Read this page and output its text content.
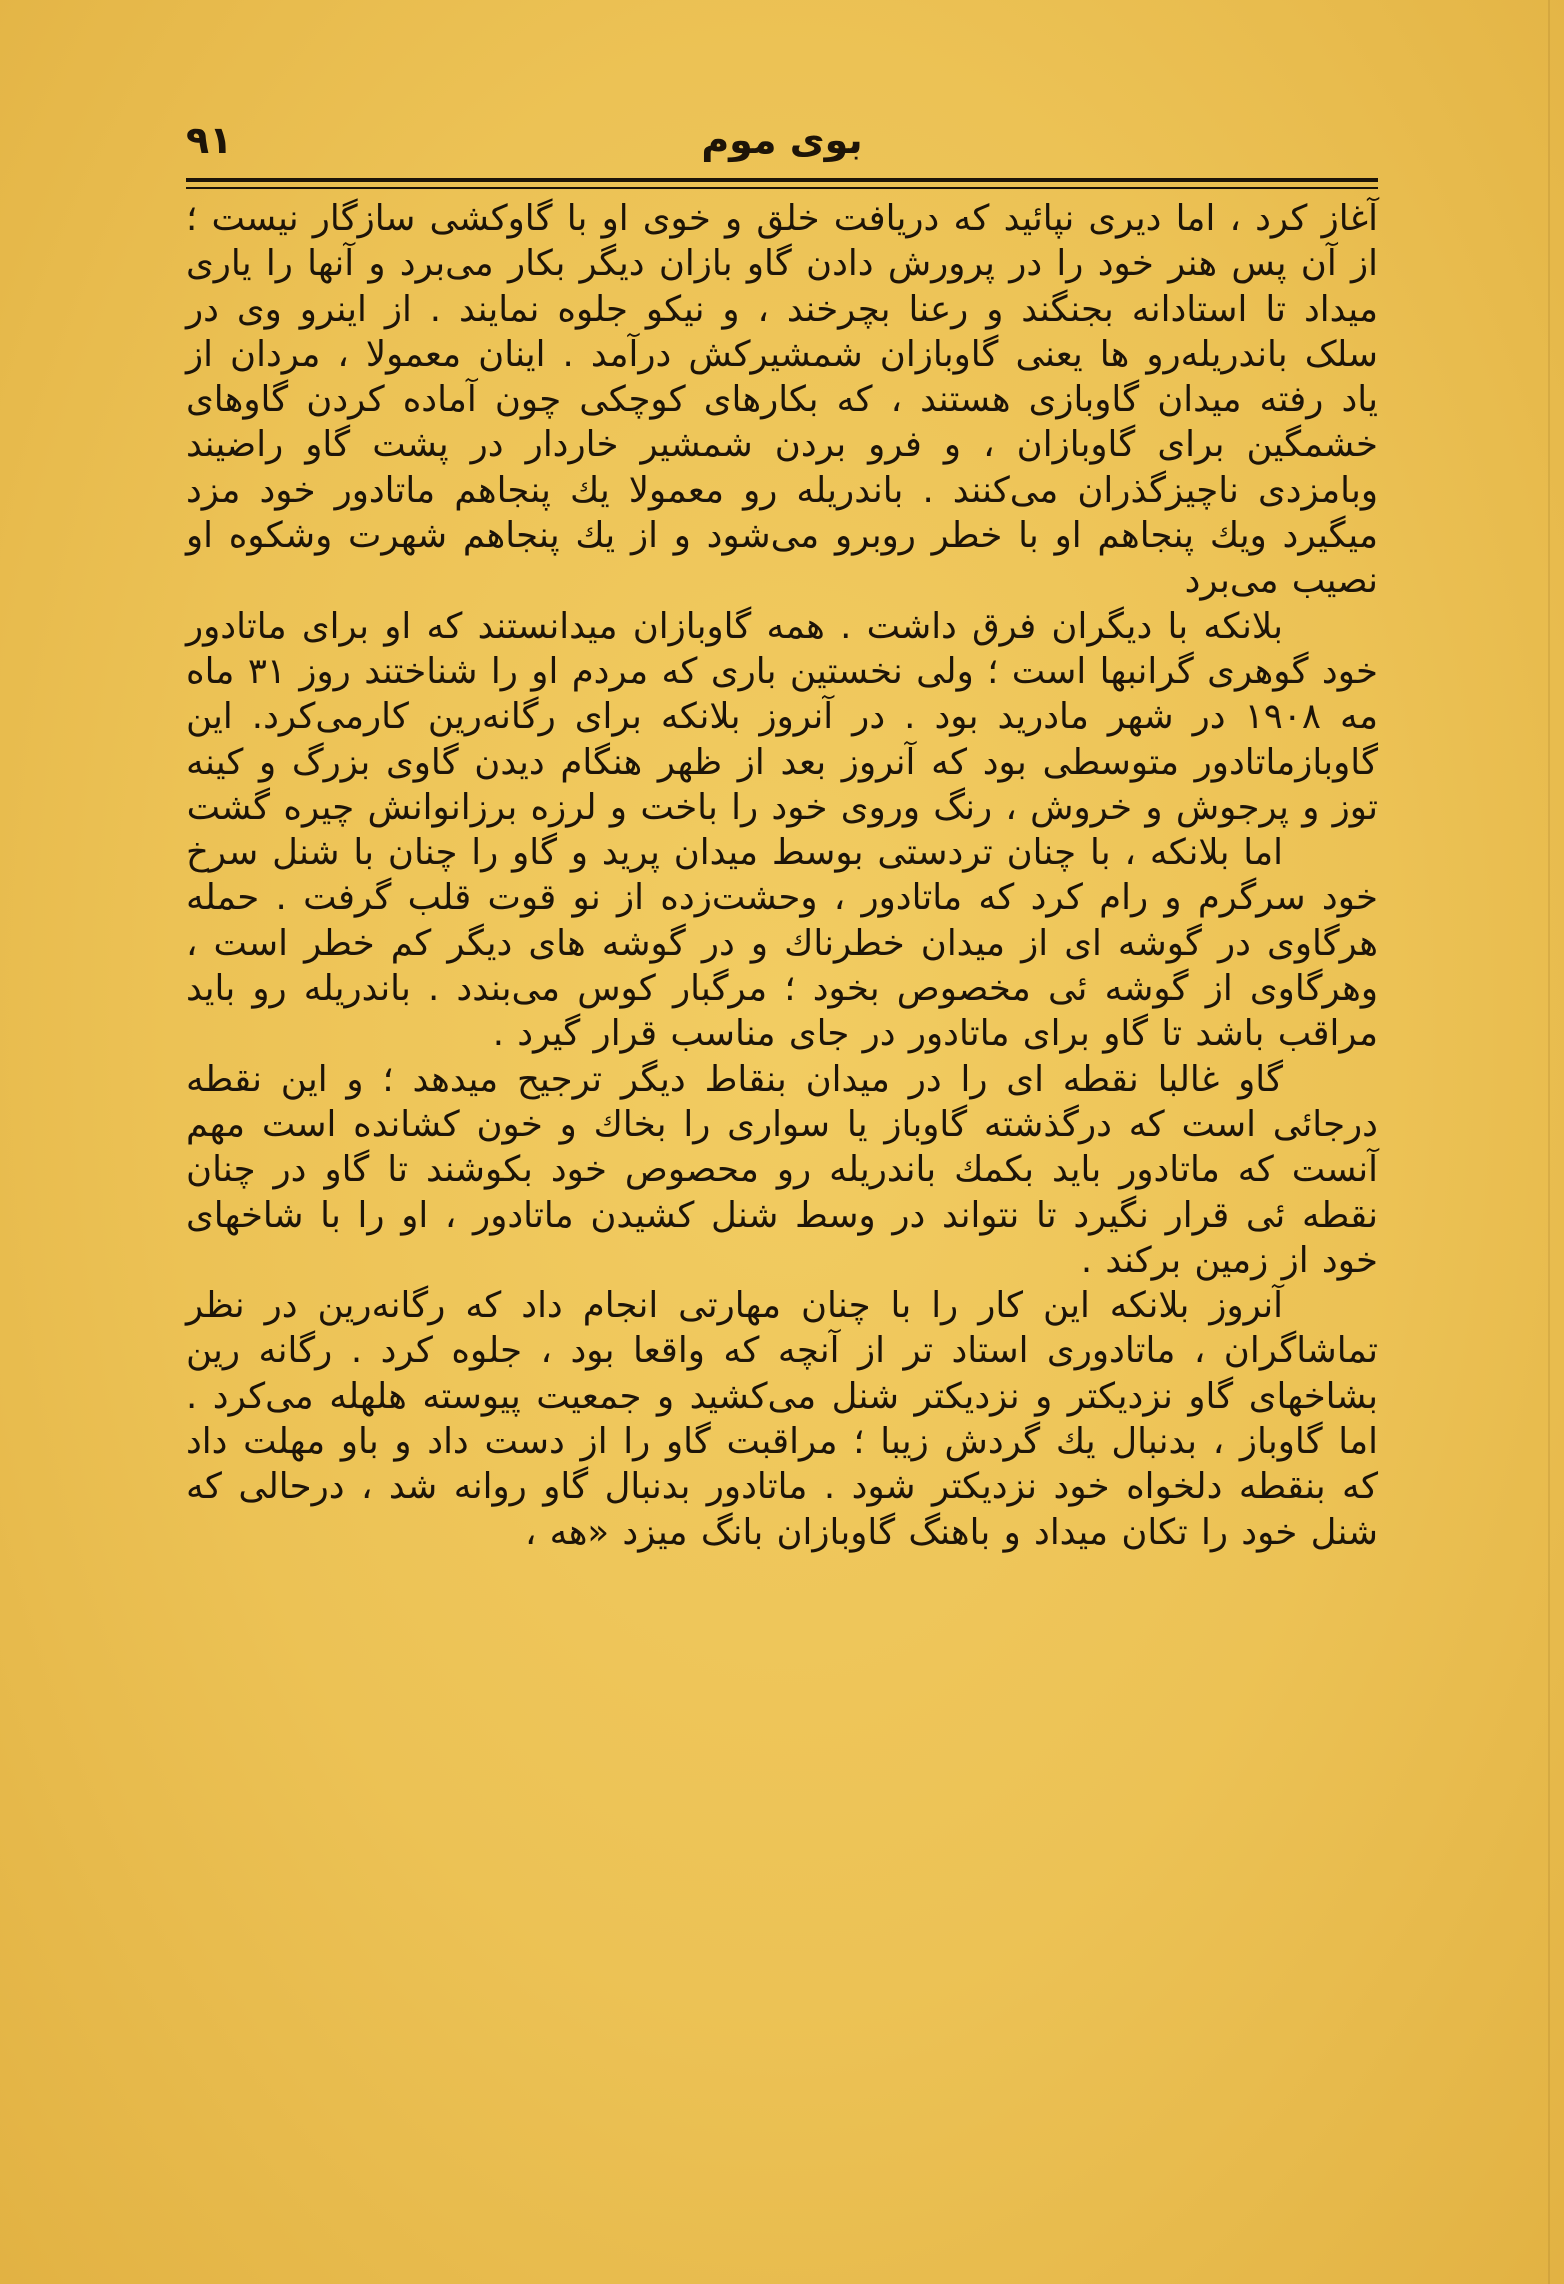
۹۱	بوی موم

آغاز کرد ، اما دیری نپائید که دریافت خلق و خوی او با گاوکشی سازگار نیست ؛ از آن پس هنر خود را در پرورش دادن گاو بازان دیگر بکار می‌برد و آنها را یاری میداد تا استادانه بجنگند و رعنا بچرخند ، و نیکو جلوه نمایند . از اینرو وی در سلک باندریله‌رو ها یعنی گاوبازان شمشیرکش درآمد . اینان معمولا ، مردان از یاد رفته میدان گاوبازی هستند ، که بکارهای کوچکی چون آماده کردن گاوهای خشمگین برای گاوبازان ، و فرو بردن شمشیر خاردار در پشت گاو راضیند وبامزدی ناچیزگذران می‌کنند . باندریله رو معمولا یك پنجاهم ماتادور خود مزد میگیرد ویك پنجاهم او با خطر روبرو می‌شود و از یك پنجاهم شهرت وشکوه او نصیب می‌برد

بلانکه با دیگران فرق داشت . همه گاوبازان میدانستند که او برای ماتادور خود گوهری گرانبها است ؛ ولی نخستین باری که مردم او را شناختند روز ۳۱ ماه مه ۱۹۰۸ در شهر مادرید بود . در آنروز بلانکه برای رگانه‌رین کارمی‌کرد. این گاوبازماتادور متوسطی بود که آنروز بعد از ظهر هنگام دیدن گاوی بزرگ و کینه توز و پرجوش و خروش ، رنگ وروی خود را باخت و لرزه برزانوانش چیره گشت

اما بلانکه ، با چنان تردستی بوسط میدان پرید و گاو را چنان با شنل سرخ خود سرگرم و رام کرد که ماتادور ، وحشت‌زده از نو قوت قلب گرفت . حمله هرگاوی در گوشه ای از میدان خطرناك و در گوشه های دیگر کم خطر است ، وهرگاوی از گوشه ئی مخصوص بخود ؛ مرگبار کوس می‌بندد . باندریله رو باید مراقب باشد تا گاو برای ماتادور در جای مناسب قرار گیرد .

گاو غالبا نقطه ای را در میدان بنقاط دیگر ترجیح میدهد ؛ و این نقطه درجائی است که درگذشته گاوباز یا سواری را بخاك و خون کشانده است مهم آنست که ماتادور باید بکمك باندریله رو محصوص خود بکوشند تا گاو در چنان نقطه ئی قرار نگیرد تا نتواند در وسط شنل کشیدن ماتادور ، او را با شاخهای خود از زمین برکند .

آنروز بلانکه این کار را با چنان مهارتی انجام داد که رگانه‌رین در نظر تماشاگران ، ماتادوری استاد تر از آنچه که واقعا بود ، جلوه کرد . رگانه رین بشاخهای گاو نزدیکتر و نزدیکتر شنل می‌کشید و جمعیت پیوسته هلهله می‌کرد . اما گاوباز ، بدنبال یك گردش زیبا ؛ مراقبت گاو را از دست داد و باو مهلت داد که بنقطه دلخواه خود نزدیکتر شود . ماتادور بدنبال گاو روانه شد ، درحالی که شنل خود را تکان میداد و باهنگ گاوبازان بانگ میزد «هه ،
